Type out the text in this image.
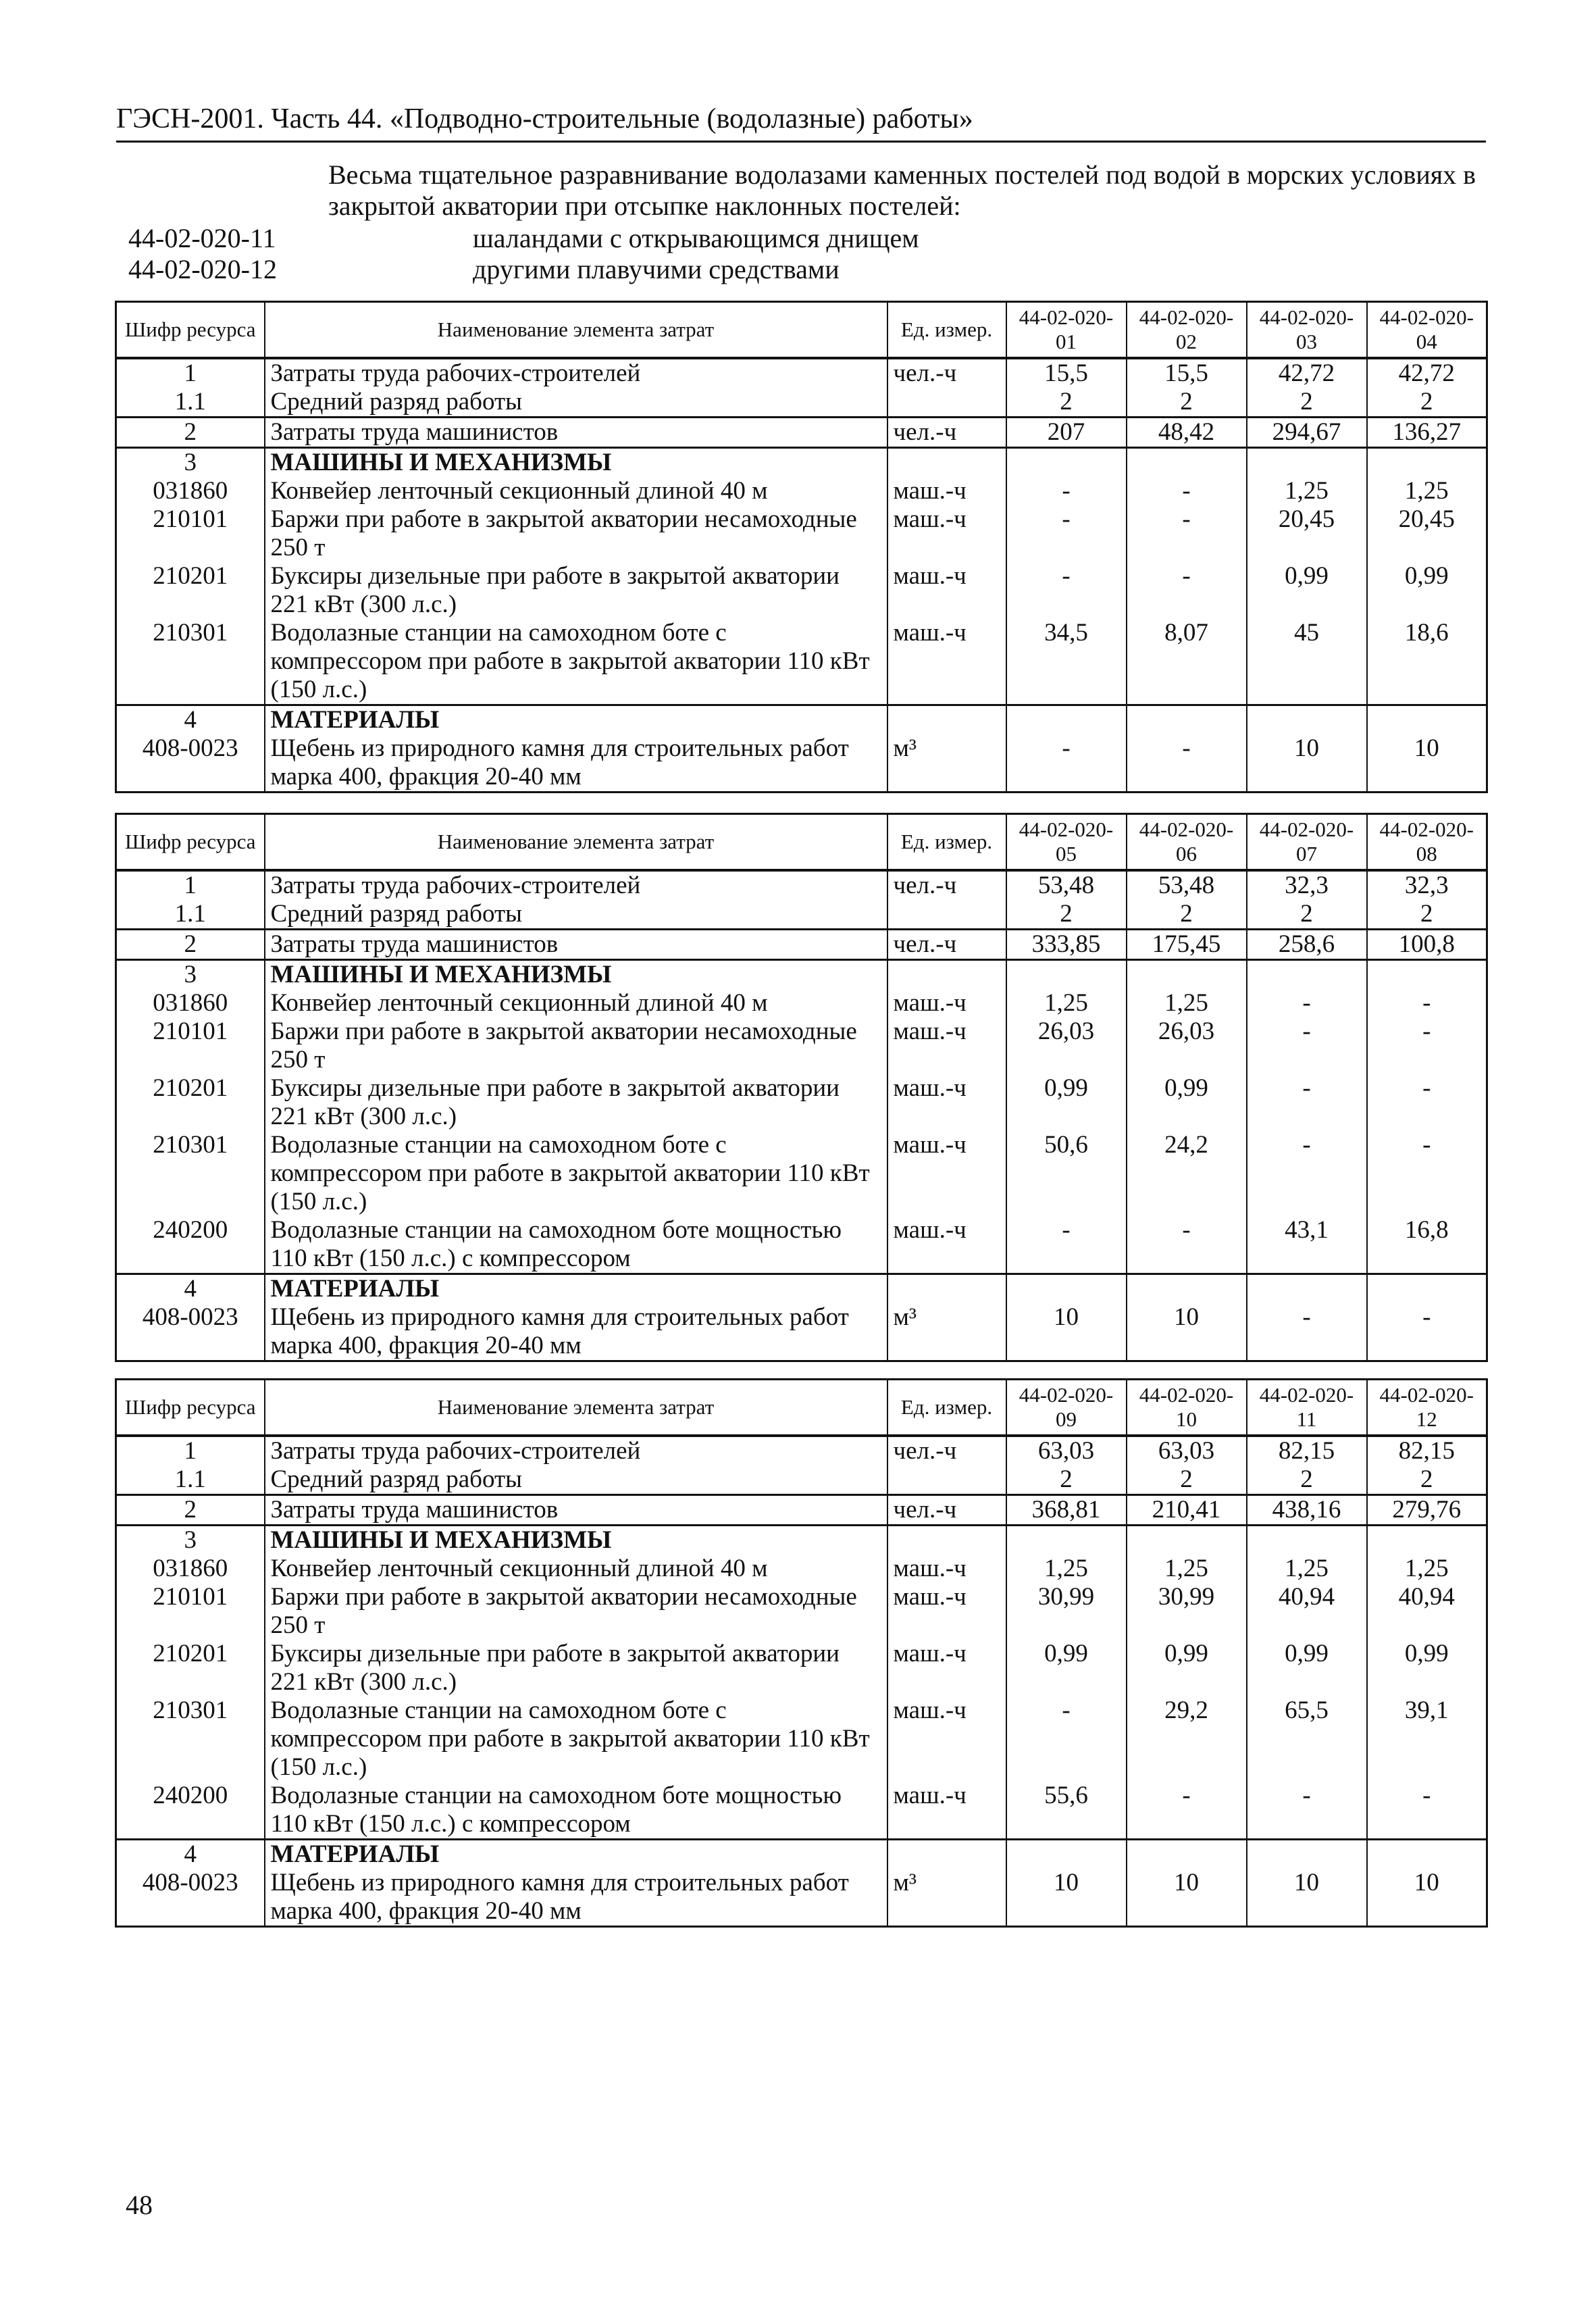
ГЭСН-2001. Часть 44. «Подводно-строительные (водолазные) работы»
Весьма тщательное разравнивание водолазами каменных постелей под водой в морских условиях в закрытой акватории при отсыпке наклонных постелей:
44-02-020-11	шаландами с открывающимся днищем
44-02-020-12	другими плавучими средствами
Шифр ресурса	Наименование элемента затрат	Ед. измер.	44-02-020-01	44-02-020-02	44-02-020-03	44-02-020-04
1	Затраты труда рабочих-строителей	чел.-ч	15,5	15,5	42,72	42,72
1.1	Средний разряд работы		2	2	2	2
2	Затраты труда машинистов	чел.-ч	207	48,42	294,67	136,27
3	МАШИНЫ И МЕХАНИЗМЫ					
031860	Конвейер ленточный секционный длиной 40 м	маш.-ч	-	-	1,25	1,25
210101	Баржи при работе в закрытой акватории несамоходные 250 т	маш.-ч	-	-	20,45	20,45
210201	Буксиры дизельные при работе в закрытой акватории 221 кВт (300 л.с.)	маш.-ч	-	-	0,99	0,99
210301	Водолазные станции на самоходном боте с компрессором при работе в закрытой акватории 110 кВт (150 л.с.)	маш.-ч	34,5	8,07	45	18,6
4	МАТЕРИАЛЫ					
408-0023	Щебень из природного камня для строительных работ марка 400, фракция 20-40 мм	м³	-	-	10	10
Шифр ресурса	Наименование элемента затрат	Ед. измер.	44-02-020-05	44-02-020-06	44-02-020-07	44-02-020-08
1	Затраты труда рабочих-строителей	чел.-ч	53,48	53,48	32,3	32,3
1.1	Средний разряд работы		2	2	2	2
2	Затраты труда машинистов	чел.-ч	333,85	175,45	258,6	100,8
3	МАШИНЫ И МЕХАНИЗМЫ					
031860	Конвейер ленточный секционный длиной 40 м	маш.-ч	1,25	1,25	-	-
210101	Баржи при работе в закрытой акватории несамоходные 250 т	маш.-ч	26,03	26,03	-	-
210201	Буксиры дизельные при работе в закрытой акватории 221 кВт (300 л.с.)	маш.-ч	0,99	0,99	-	-
210301	Водолазные станции на самоходном боте с компрессором при работе в закрытой акватории 110 кВт (150 л.с.)	маш.-ч	50,6	24,2	-	-
240200	Водолазные станции на самоходном боте мощностью 110 кВт (150 л.с.) с компрессором	маш.-ч	-	-	43,1	16,8
4	МАТЕРИАЛЫ					
408-0023	Щебень из природного камня для строительных работ марка 400, фракция 20-40 мм	м³	10	10	-	-
Шифр ресурса	Наименование элемента затрат	Ед. измер.	44-02-020-09	44-02-020-10	44-02-020-11	44-02-020-12
1	Затраты труда рабочих-строителей	чел.-ч	63,03	63,03	82,15	82,15
1.1	Средний разряд работы		2	2	2	2
2	Затраты труда машинистов	чел.-ч	368,81	210,41	438,16	279,76
3	МАШИНЫ И МЕХАНИЗМЫ					
031860	Конвейер ленточный секционный длиной 40 м	маш.-ч	1,25	1,25	1,25	1,25
210101	Баржи при работе в закрытой акватории несамоходные 250 т	маш.-ч	30,99	30,99	40,94	40,94
210201	Буксиры дизельные при работе в закрытой акватории 221 кВт (300 л.с.)	маш.-ч	0,99	0,99	0,99	0,99
210301	Водолазные станции на самоходном боте с компрессором при работе в закрытой акватории 110 кВт (150 л.с.)	маш.-ч	-	29,2	65,5	39,1
240200	Водолазные станции на самоходном боте мощностью 110 кВт (150 л.с.) с компрессором	маш.-ч	55,6	-	-	-
4	МАТЕРИАЛЫ					
408-0023	Щебень из природного камня для строительных работ марка 400, фракция 20-40 мм	м³	10	10	10	10
48
